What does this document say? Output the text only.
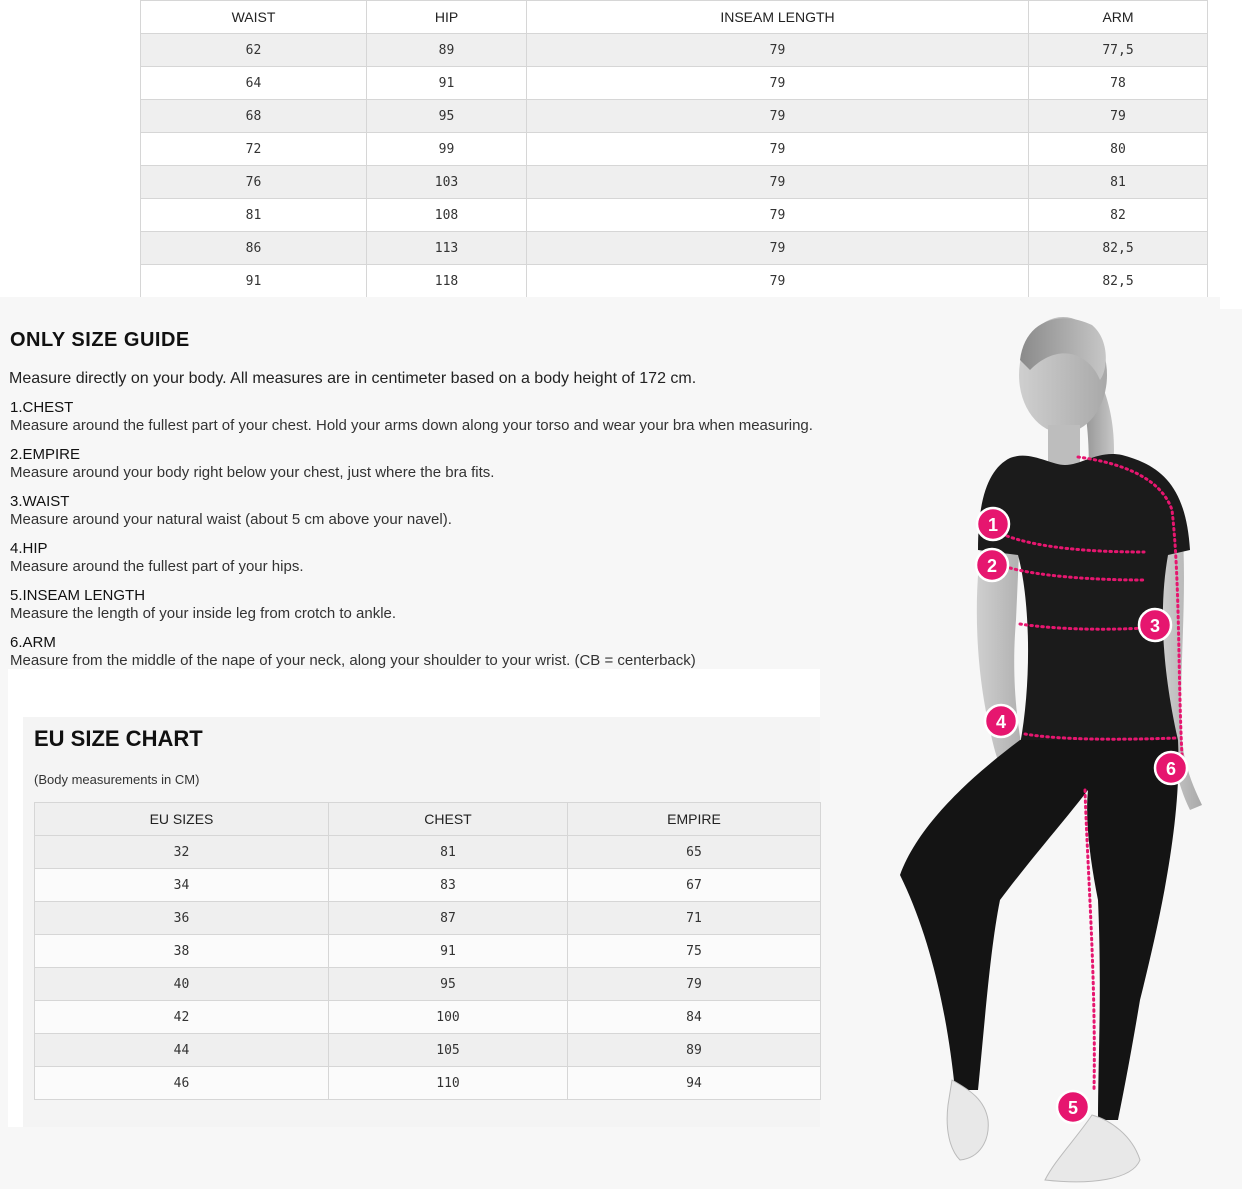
WAIST	HIP	INSEAM LENGTH	ARM
62	89	79	77,5
64	91	79	78
68	95	79	79
72	99	79	80
76	103	79	81
81	108	79	82
86	113	79	82,5
91	118	79	82,5
ONLY SIZE GUIDE

Measure directly on your body. All measures are in centimeter based on a body height of 172 cm.

1.CHEST
Measure around the fullest part of your chest. Hold your arms down along your torso and wear your bra when measuring.
2.EMPIRE
Measure around your body right below your chest, just where the bra fits.
3.WAIST
Measure around your natural waist (about 5 cm above your navel).
4.HIP
Measure around the fullest part of your hips.
5.INSEAM LENGTH
Measure the length of your inside leg from crotch to ankle.
6.ARM
Measure from the middle of the nape of your neck, along your shoulder to your wrist. (CB = centerback)
EU SIZE CHART

(Body measurements in CM)

EU SIZES	CHEST	EMPIRE
32	81	65
34	83	67
36	87	71
38	91	75
40	95	79
42	100	84
44	105	89
46	110	94
1
2
3
4
5
6
